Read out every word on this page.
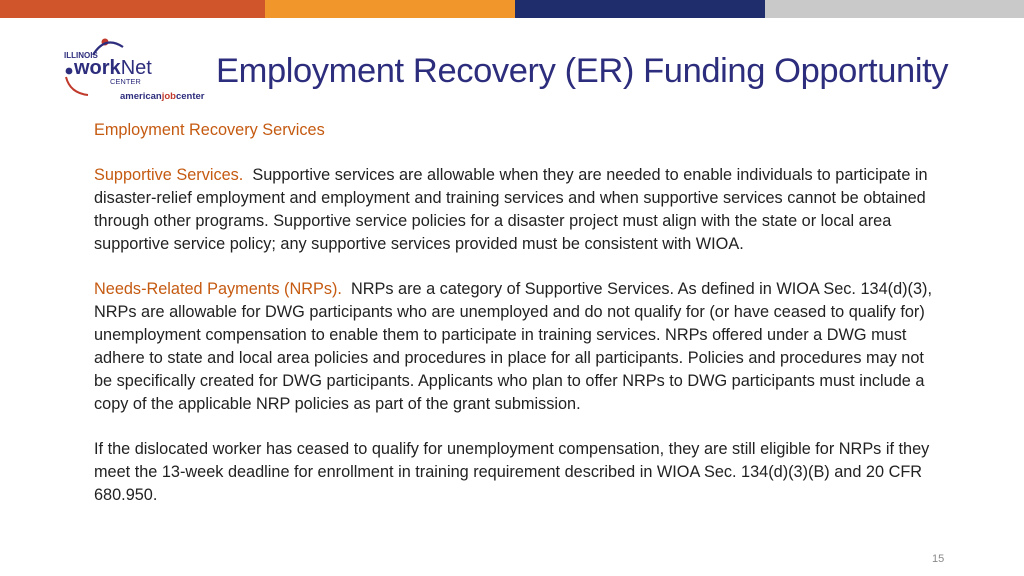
ILLINOIS
workNet
CENTER
americanjobcenter
Employment Recovery (ER) Funding Opportunity

Employment Recovery Services

Supportive Services. Supportive services are allowable when they are needed to enable individuals to participate in disaster-relief employment and employment and training services and when supportive services cannot be obtained through other programs. Supportive service policies for a disaster project must align with the state or local area supportive service policy; any supportive services provided must be consistent with WIOA.

Needs-Related Payments (NRPs). NRPs are a category of Supportive Services. As defined in WIOA Sec. 134(d)(3), NRPs are allowable for DWG participants who are unemployed and do not qualify for (or have ceased to qualify for) unemployment compensation to enable them to participate in training services. NRPs offered under a DWG must adhere to state and local area policies and procedures in place for all participants. Policies and procedures may not be specifically created for DWG participants. Applicants who plan to offer NRPs to DWG participants must include a copy of the applicable NRP policies as part of the grant submission.

If the dislocated worker has ceased to qualify for unemployment compensation, they are still eligible for NRPs if they meet the 13-week deadline for enrollment in training requirement described in WIOA Sec. 134(d)(3)(B) and 20 CFR 680.950.

15
